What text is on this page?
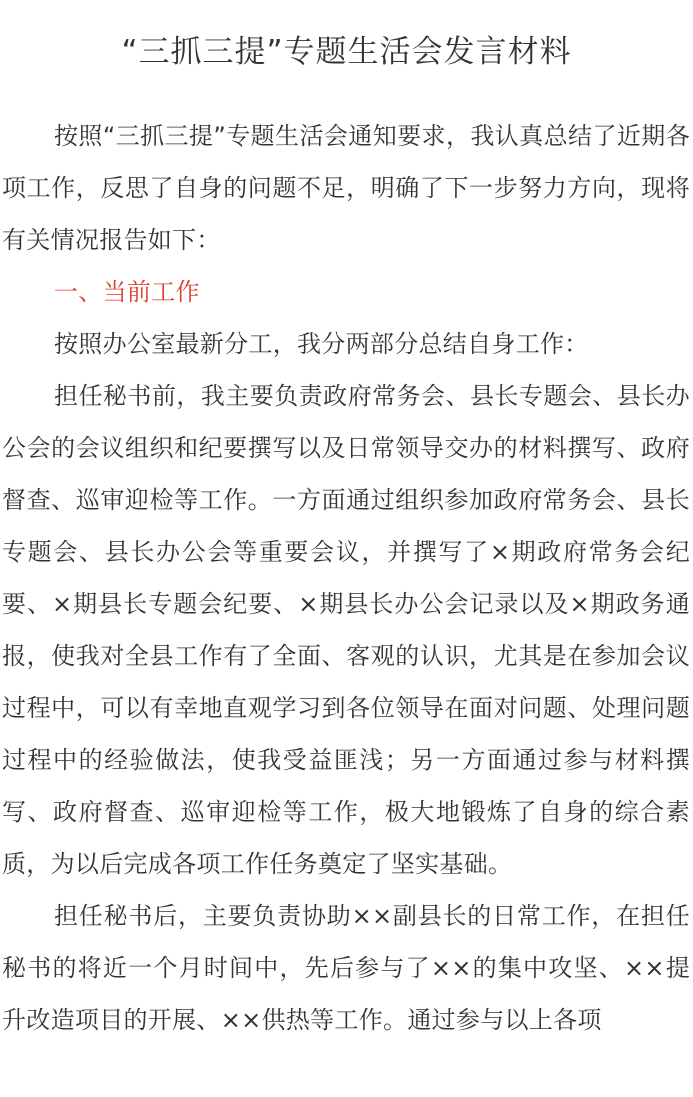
“三抓三提”专题生活会发言材料

按照“三抓三提”专题生活会通知要求，我认真总结了近期各项工作，反思了自身的问题不足，明确了下一步努力方向，现将有关情况报告如下：

一、当前工作

按照办公室最新分工，我分两部分总结自身工作：

担任秘书前，我主要负责政府常务会、县长专题会、县长办公会的会议组织和纪要撰写以及日常领导交办的材料撰写、政府督查、巡审迎检等工作。一方面通过组织参加政府常务会、县长专题会、县长办公会等重要会议，并撰写了×期政府常务会纪要、×期县长专题会纪要、×期县长办公会记录以及×期政务通报，使我对全县工作有了全面、客观的认识，尤其是在参加会议过程中，可以有幸地直观学习到各位领导在面对问题、处理问题过程中的经验做法，使我受益匪浅；另一方面通过参与材料撰写、政府督查、巡审迎检等工作，极大地锻炼了自身的综合素质，为以后完成各项工作任务奠定了坚实基础。

担任秘书后，主要负责协助××副县长的日常工作，在担任秘书的将近一个月时间中，先后参与了××的集中攻坚、××提升改造项目的开展、××供热等工作。通过参与以上各项
